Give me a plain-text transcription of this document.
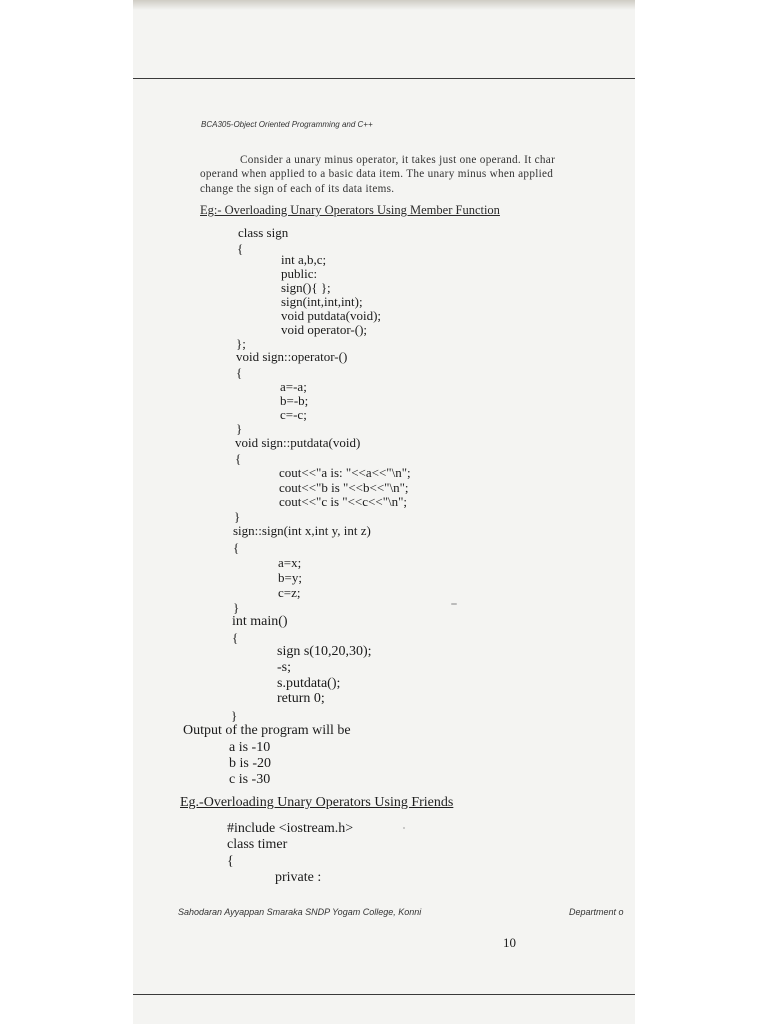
BCA305-Object Oriented Programming and C++
Consider a unary minus operator, it takes just one operand. It char
operand when applied to a basic data item. The unary minus when applied
change the sign of each of its data items.
Eg:- Overloading Unary Operators Using Member Function
class sign
{
int a,b,c;
public:
sign(){ };
sign(int,int,int);
void putdata(void);
void operator-();
};
void sign::operator-()
{
a=-a;
b=-b;
c=-c;
}
void sign::putdata(void)
{
cout<<"a is: "<<a<<"\n";
cout<<"b is "<<b<<"\n";
cout<<"c is "<<c<<"\n";
}
sign::sign(int x,int y, int z)
{
a=x;
b=y;
c=z;
}
int main()
{
sign s(10,20,30);
-s;
s.putdata();
return 0;
}
Output of the program will be
a is -10
b is -20
c is -30
Eg.-Overloading Unary Operators Using Friends
#include <iostream.h>
class timer
{
private :
Sahodaran Ayyappan Smaraka SNDP Yogam College, Konni	Department o
10
